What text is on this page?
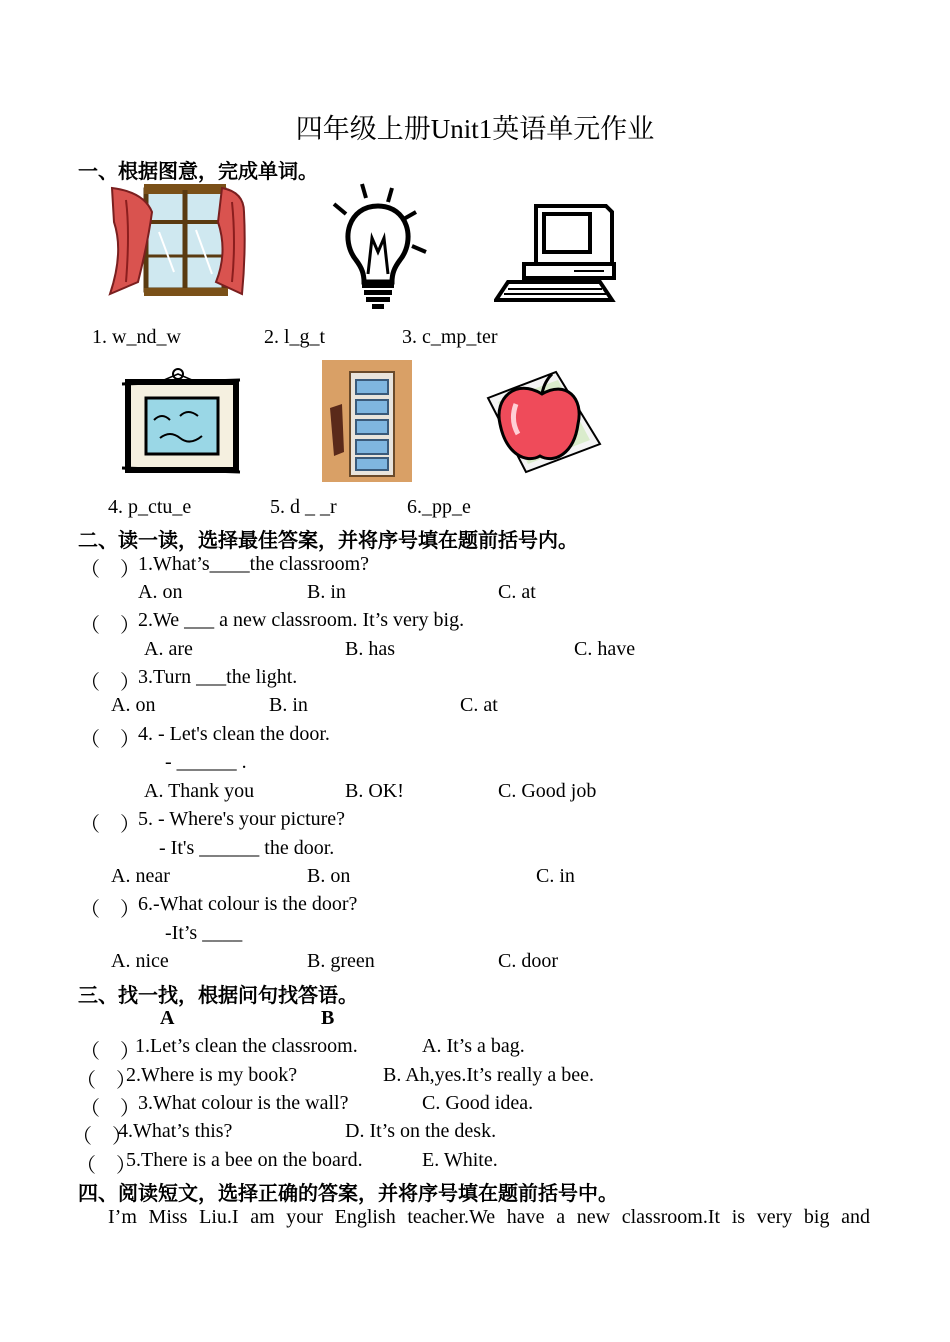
四年级上册Unit1英语单元作业
一、根据图意，完成单词。
1. w_nd_w	2. l_g_t	3. c_mp_ter
4. p_ctu_e	5. d _ _r	6._pp_e
二、读一读，选择最佳答案，并将序号填在题前括号内。
（　）
1.What’s____the classroom?
A. on	B. in	C. at
（　）
2.We ___ a new classroom. It’s very big.
A. are	B. has	C. have
（　）
3.Turn ___the light.
A. on	B. in	C. at
（　）
4. - Let's clean the door.
- ______ .
A. Thank you	B. OK!	C. Good job
（　）
5. - Where's your picture?
- It's ______ the door.
A. near	B. on	C. in
（　）
6.-What colour is the door?
-It’s ____
A. nice	B. green	C. door
三、找一找，根据问句找答语。
A	B
（　）
1.Let’s clean the classroom.	A. It’s a bag.
（　）
2.Where is my book?	B. Ah,yes.It’s really a bee.
（　）
3.What colour is the wall?	C. Good idea.
（　）
4.What’s this?	D. It’s on the desk.
（　）
5.There is a bee on the board.	E. White.
四、阅读短文，选择正确的答案，并将序号填在题前括号中。
I’m Miss Liu.I am your English teacher.We have a new classroom.It is very big and
